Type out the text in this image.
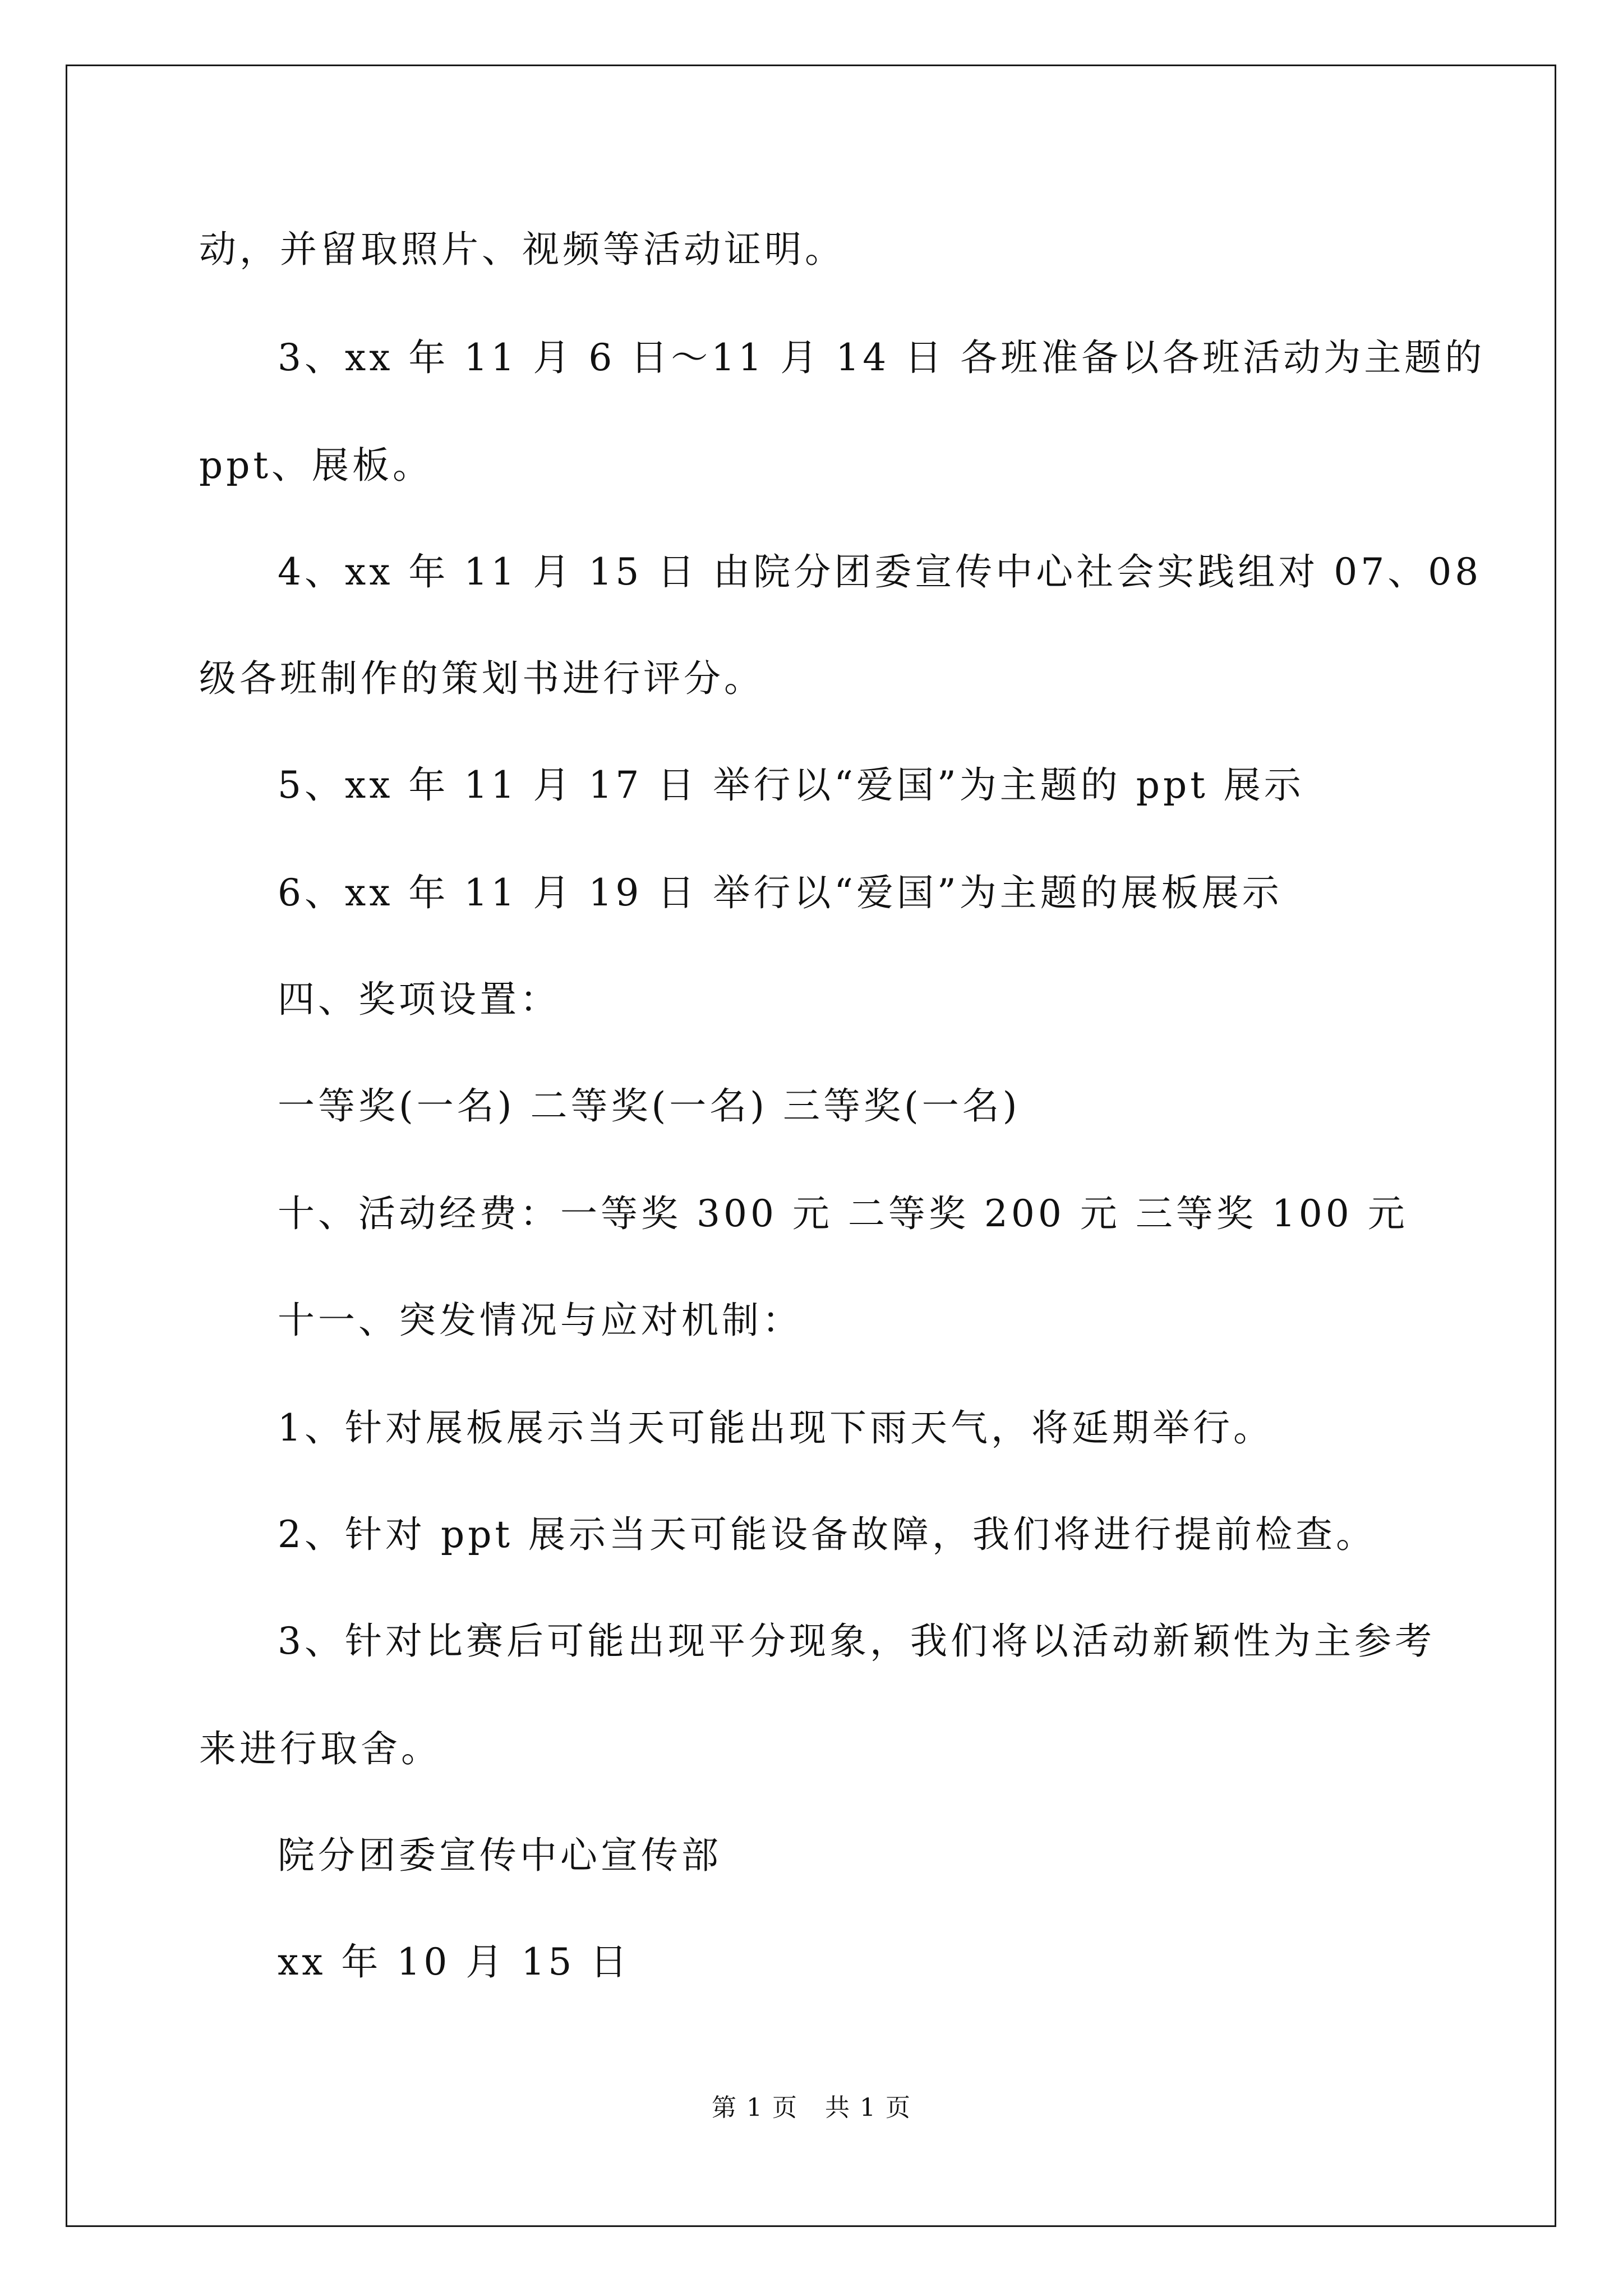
动，并留取照片、视频等活动证明。
3、xx 年 11 月 6 日～11 月 14 日 各班准备以各班活动为主题的
ppt、展板。
4、xx 年 11 月 15 日 由院分团委宣传中心社会实践组对 07、08
级各班制作的策划书进行评分。
5、xx 年 11 月 17 日 举行以“爱国”为主题的 ppt 展示
6、xx 年 11 月 19 日 举行以“爱国”为主题的展板展示
四、奖项设置：
一等奖(一名) 二等奖(一名) 三等奖(一名)
十、活动经费：一等奖 300 元 二等奖 200 元 三等奖 100 元
十一、突发情况与应对机制：
1、针对展板展示当天可能出现下雨天气，将延期举行。
2、针对 ppt 展示当天可能设备故障，我们将进行提前检查。
3、针对比赛后可能出现平分现象，我们将以活动新颖性为主参考
来进行取舍。
院分团委宣传中心宣传部
xx 年 10 月 15 日
第 1 页   共 1 页
